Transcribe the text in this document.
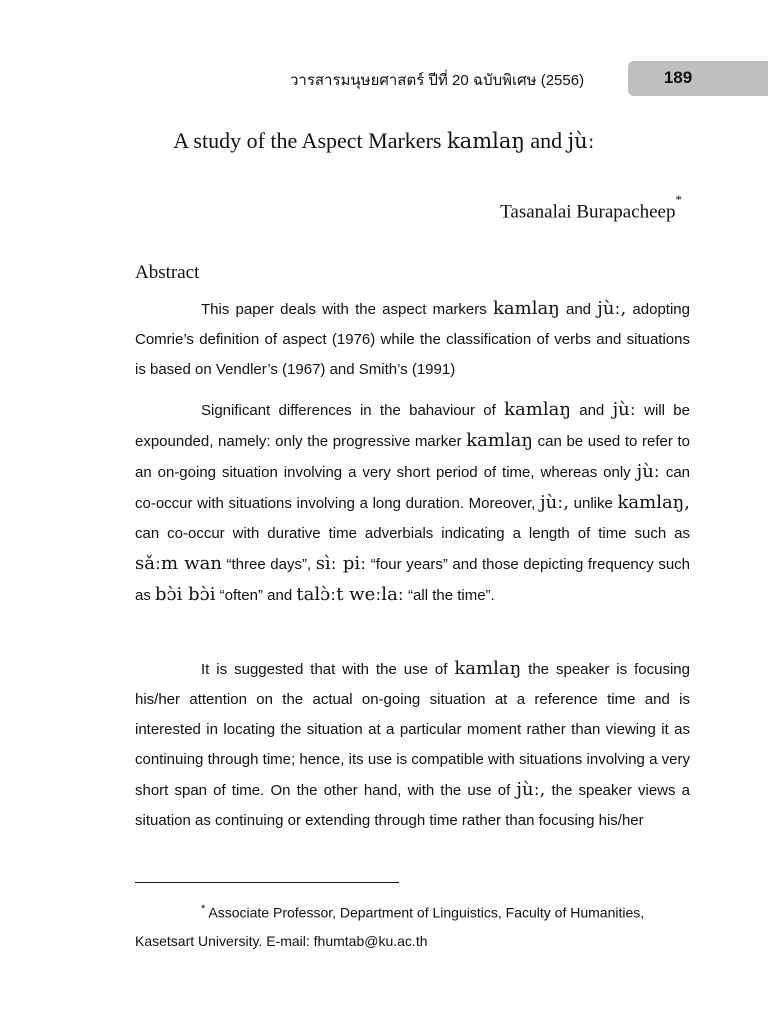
วารสารมนุษยศาสตร์ ปีที่ 20 ฉบับพิเศษ (2556)	189
A study of the Aspect Markers kamlaŋ and jùː
Tasanalai Burapacheep*
Abstract
This paper deals with the aspect markers kamlaŋ and jùː, adopting Comrie’s definition of aspect (1976) while the classification of verbs and situations is based on Vendler’s (1967) and Smith’s (1991)
Significant differences in the bahaviour of kamlaŋ and jùː will be expounded, namely: only the progressive marker kamlaŋ can be used to refer to an on-going situation involving a very short period of time, whereas only jùː can co-occur with situations involving a long duration. Moreover, jùː, unlike kamlaŋ, can co-occur with durative time adverbials indicating a length of time such as sǎːm wan “three days”, sìː piː “four years” and those depicting frequency such as bɔ̀i bɔ̀i “often” and talɔ̀ːt weːlaː “all the time”.
It is suggested that with the use of kamlaŋ the speaker is focusing his/her attention on the actual on-going situation at a reference time and is interested in locating the situation at a particular moment rather than viewing it as continuing through time; hence, its use is compatible with situations involving a very short span of time. On the other hand, with the use of jùː, the speaker views a situation as continuing or extending through time rather than focusing his/her
* Associate Professor, Department of Linguistics, Faculty of Humanities, Kasetsart University. E-mail: fhumtab@ku.ac.th
